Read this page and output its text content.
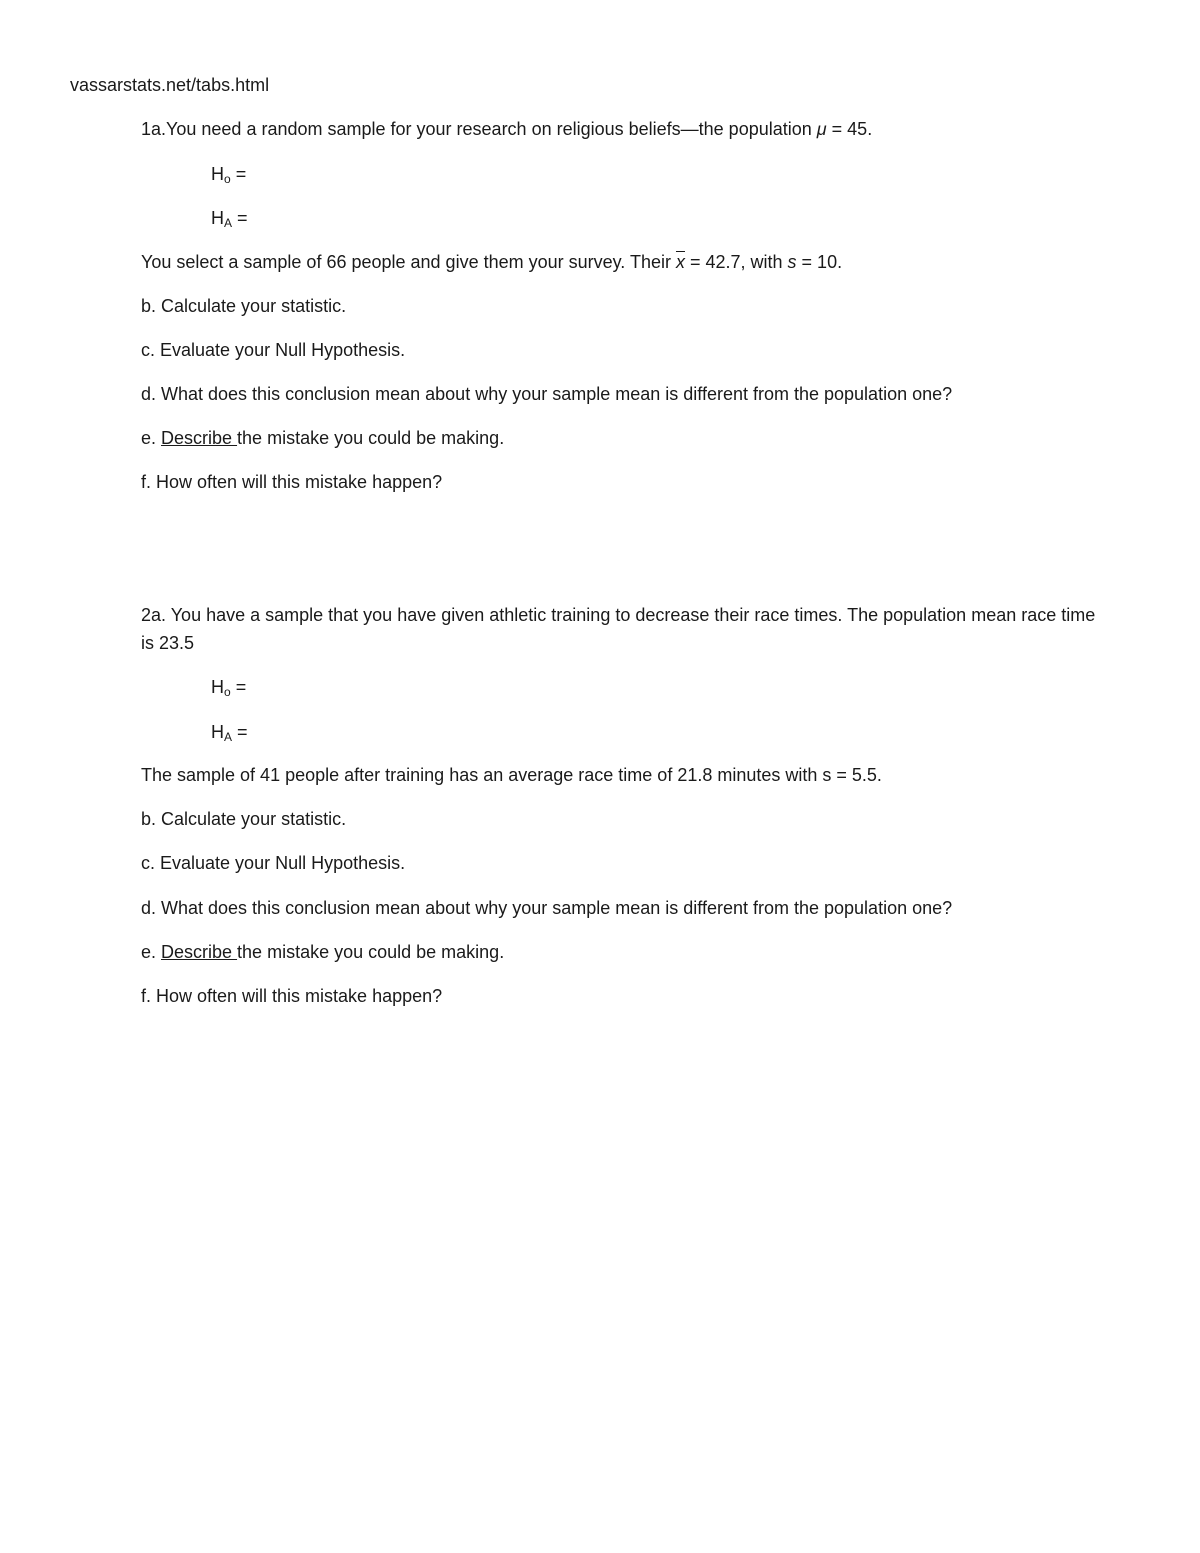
vassarstats.net/tabs.html
1a.You need a random sample for your research on religious beliefs—the population μ = 45.
$H_o$ =
$H_A$ =
You select a sample of 66 people and give them your survey. Their $\overline{x} = 42.7$, with s = 10.
b. Calculate your statistic.
c. Evaluate your Null Hypothesis.
d. What does this conclusion mean about why your sample mean is different from the population one?
e. Describe the mistake you could be making.
f. How often will this mistake happen?
2a. You have a sample that you have given athletic training to decrease their race times. The population mean race time is 23.5
$H_o$ =
$H_A$ =
The sample of 41 people after training has an average race time of 21.8 minutes with s = 5.5.
b. Calculate your statistic.
c. Evaluate your Null Hypothesis.
d. What does this conclusion mean about why your sample mean is different from the population one?
e. Describe the mistake you could be making.
f. How often will this mistake happen?
